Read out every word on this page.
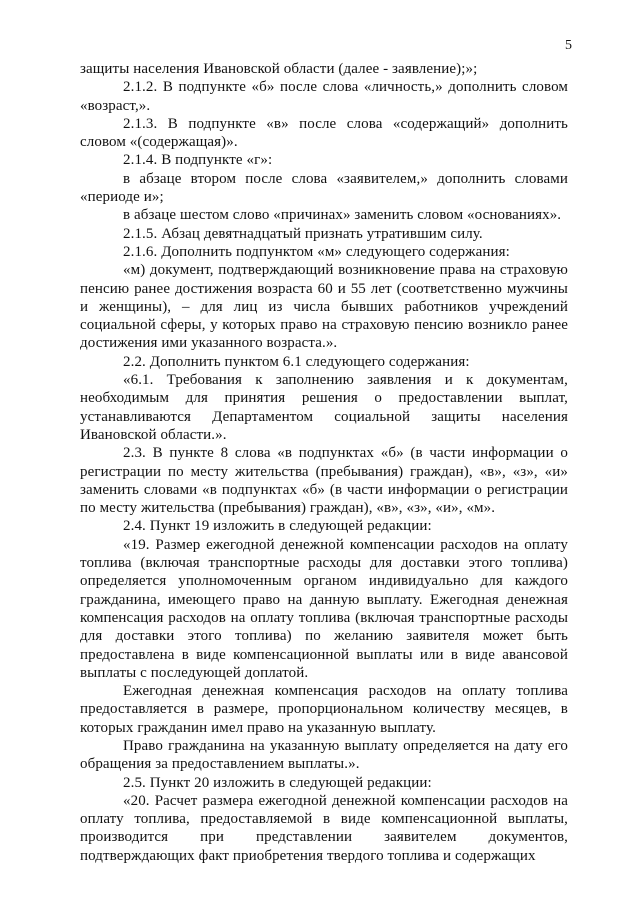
5

защиты населения Ивановской области (далее - заявление);»;

2.1.2. В подпункте «б» после слова «личность,» дополнить словом «возраст,».

2.1.3. В подпункте «в» после слова «содержащий» дополнить словом «(содержащая)».

2.1.4. В подпункте «г»:

в абзаце втором после слова «заявителем,» дополнить словами «периоде и»;

в абзаце шестом слово «причинах» заменить словом «основаниях».

2.1.5. Абзац девятнадцатый признать утратившим силу.

2.1.6. Дополнить подпунктом «м» следующего содержания:

«м) документ, подтверждающий возникновение права на страховую пенсию ранее достижения возраста 60 и 55 лет (соответственно мужчины и женщины), – для лиц из числа бывших работников учреждений социальной сферы, у которых право на страховую пенсию возникло ранее достижения ими указанного возраста.».

2.2. Дополнить пунктом 6.1 следующего содержания:

«6.1. Требования к заполнению заявления и к документам, необходимым для принятия решения о предоставлении выплат, устанавливаются Департаментом социальной защиты населения Ивановской области.».

2.3. В пункте 8 слова «в подпунктах «б» (в части информации о регистрации по месту жительства (пребывания) граждан), «в», «з», «и» заменить словами «в подпунктах «б» (в части информации о регистрации по месту жительства (пребывания) граждан), «в», «з», «и», «м».

2.4. Пункт 19 изложить в следующей редакции:

«19. Размер ежегодной денежной компенсации расходов на оплату топлива (включая транспортные расходы для доставки этого топлива) определяется уполномоченным органом индивидуально для каждого гражданина, имеющего право на данную выплату. Ежегодная денежная компенсация расходов на оплату топлива (включая транспортные расходы для доставки этого топлива) по желанию заявителя может быть предоставлена в виде компенсационной выплаты или в виде авансовой выплаты с последующей доплатой.

Ежегодная денежная компенсация расходов на оплату топлива предоставляется в размере, пропорциональном количеству месяцев, в которых гражданин имел право на указанную выплату.

Право гражданина на указанную выплату определяется на дату его обращения за предоставлением выплаты.».

2.5. Пункт 20 изложить в следующей редакции:

«20. Расчет размера ежегодной денежной компенсации расходов на оплату топлива, предоставляемой в виде компенсационной выплаты, производится при представлении заявителем документов, подтверждающих факт приобретения твердого топлива и содержащих
